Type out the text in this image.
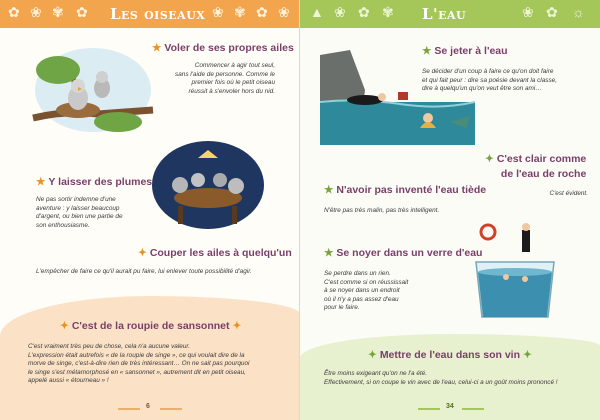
✿ ❀ ✾ ✿ Les oiseaux ❀ ✾ ✿ ❀
★ Voler de ses propres ailes
Commencer à agir tout seul,
sans l'aide de personne. Comme le
premier fois où le petit oiseau
réussit à s'envoler hors du nid.
★ Y laisser des plumes
Ne pas sortir indemne d'une
aventure : y laisser beaucoup
d'argent, ou bien une partie de
son enthousiasme.
✦ Couper les ailes à quelqu'un
L'empêcher de faire ce qu'il aurait pu faire, lui enlever toute possibilité d'agir.
✦ C'est de la roupie de sansonnet ✦
C'est vraiment très peu de chose, cela n'a aucune valeur.
L'expression était autrefois « de la roupie de singe », ce qui voulait dire de la
morve de singe, c'est-à-dire rien de très intéressant… On ne sait pas pourquoi
le singe s'est métamorphosé en « sansonnet », autrement dit en petit oiseau,
appelé aussi « étourneau » !
6
▲ ❀ ✿ ✾ L'eau	❀ ✿ ☼
★ Se jeter à l'eau
Se décider d'un coup à faire ce qu'on doit faire
et qui fait peur : dire sa poésie devant la classe,
dire à quelqu'un qu'on veut être son ami…
✦ C'est clair comme
de l'eau de roche
C'est évident.
★ N'avoir pas inventé l'eau tiède
N'être pas très malin, pas très intelligent.
★ Se noyer dans un verre d'eau
Se perdre dans un rien.
C'est comme si on réussissait
à se noyer dans un endroit
où il n'y a pas assez d'eau
pour le faire.
✦ Mettre de l'eau dans son vin ✦
Être moins exigeant qu'on ne l'a été.
Effectivement, si on coupe le vin avec de l'eau, celui-ci a un goût moins prononcé !
34
